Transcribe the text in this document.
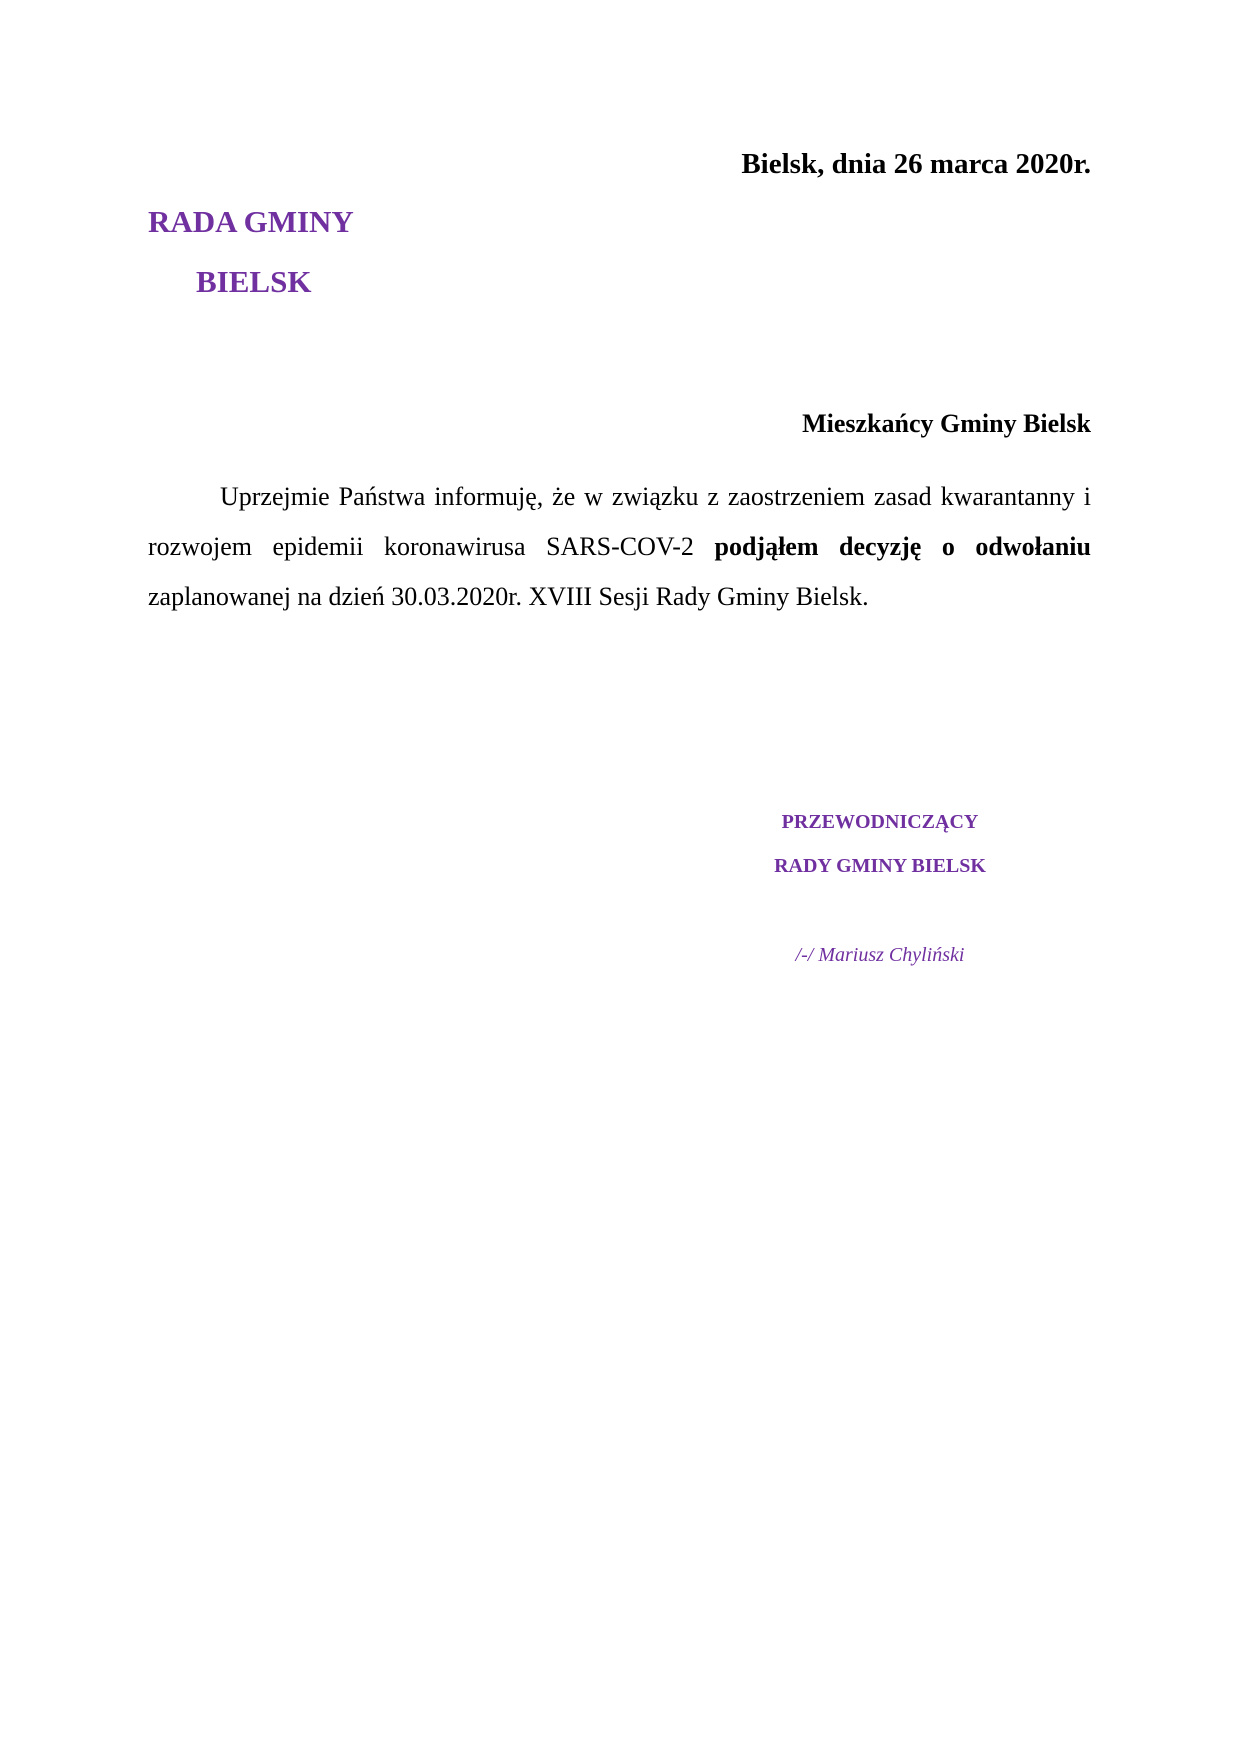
Bielsk, dnia 26 marca 2020r.
RADA GMINY
BIELSK
Mieszkańcy Gminy Bielsk

Uprzejmie Państwa informuję, że w związku z zaostrzeniem zasad kwarantanny i rozwojem epidemii koronawirusa SARS-COV-2 podjąłem decyzję o odwołaniu zaplanowanej na dzień 30.03.2020r. XVIII Sesji Rady Gminy Bielsk.

PRZEWODNICZĄCY
RADY GMINY BIELSK
/-/ Mariusz Chyliński
